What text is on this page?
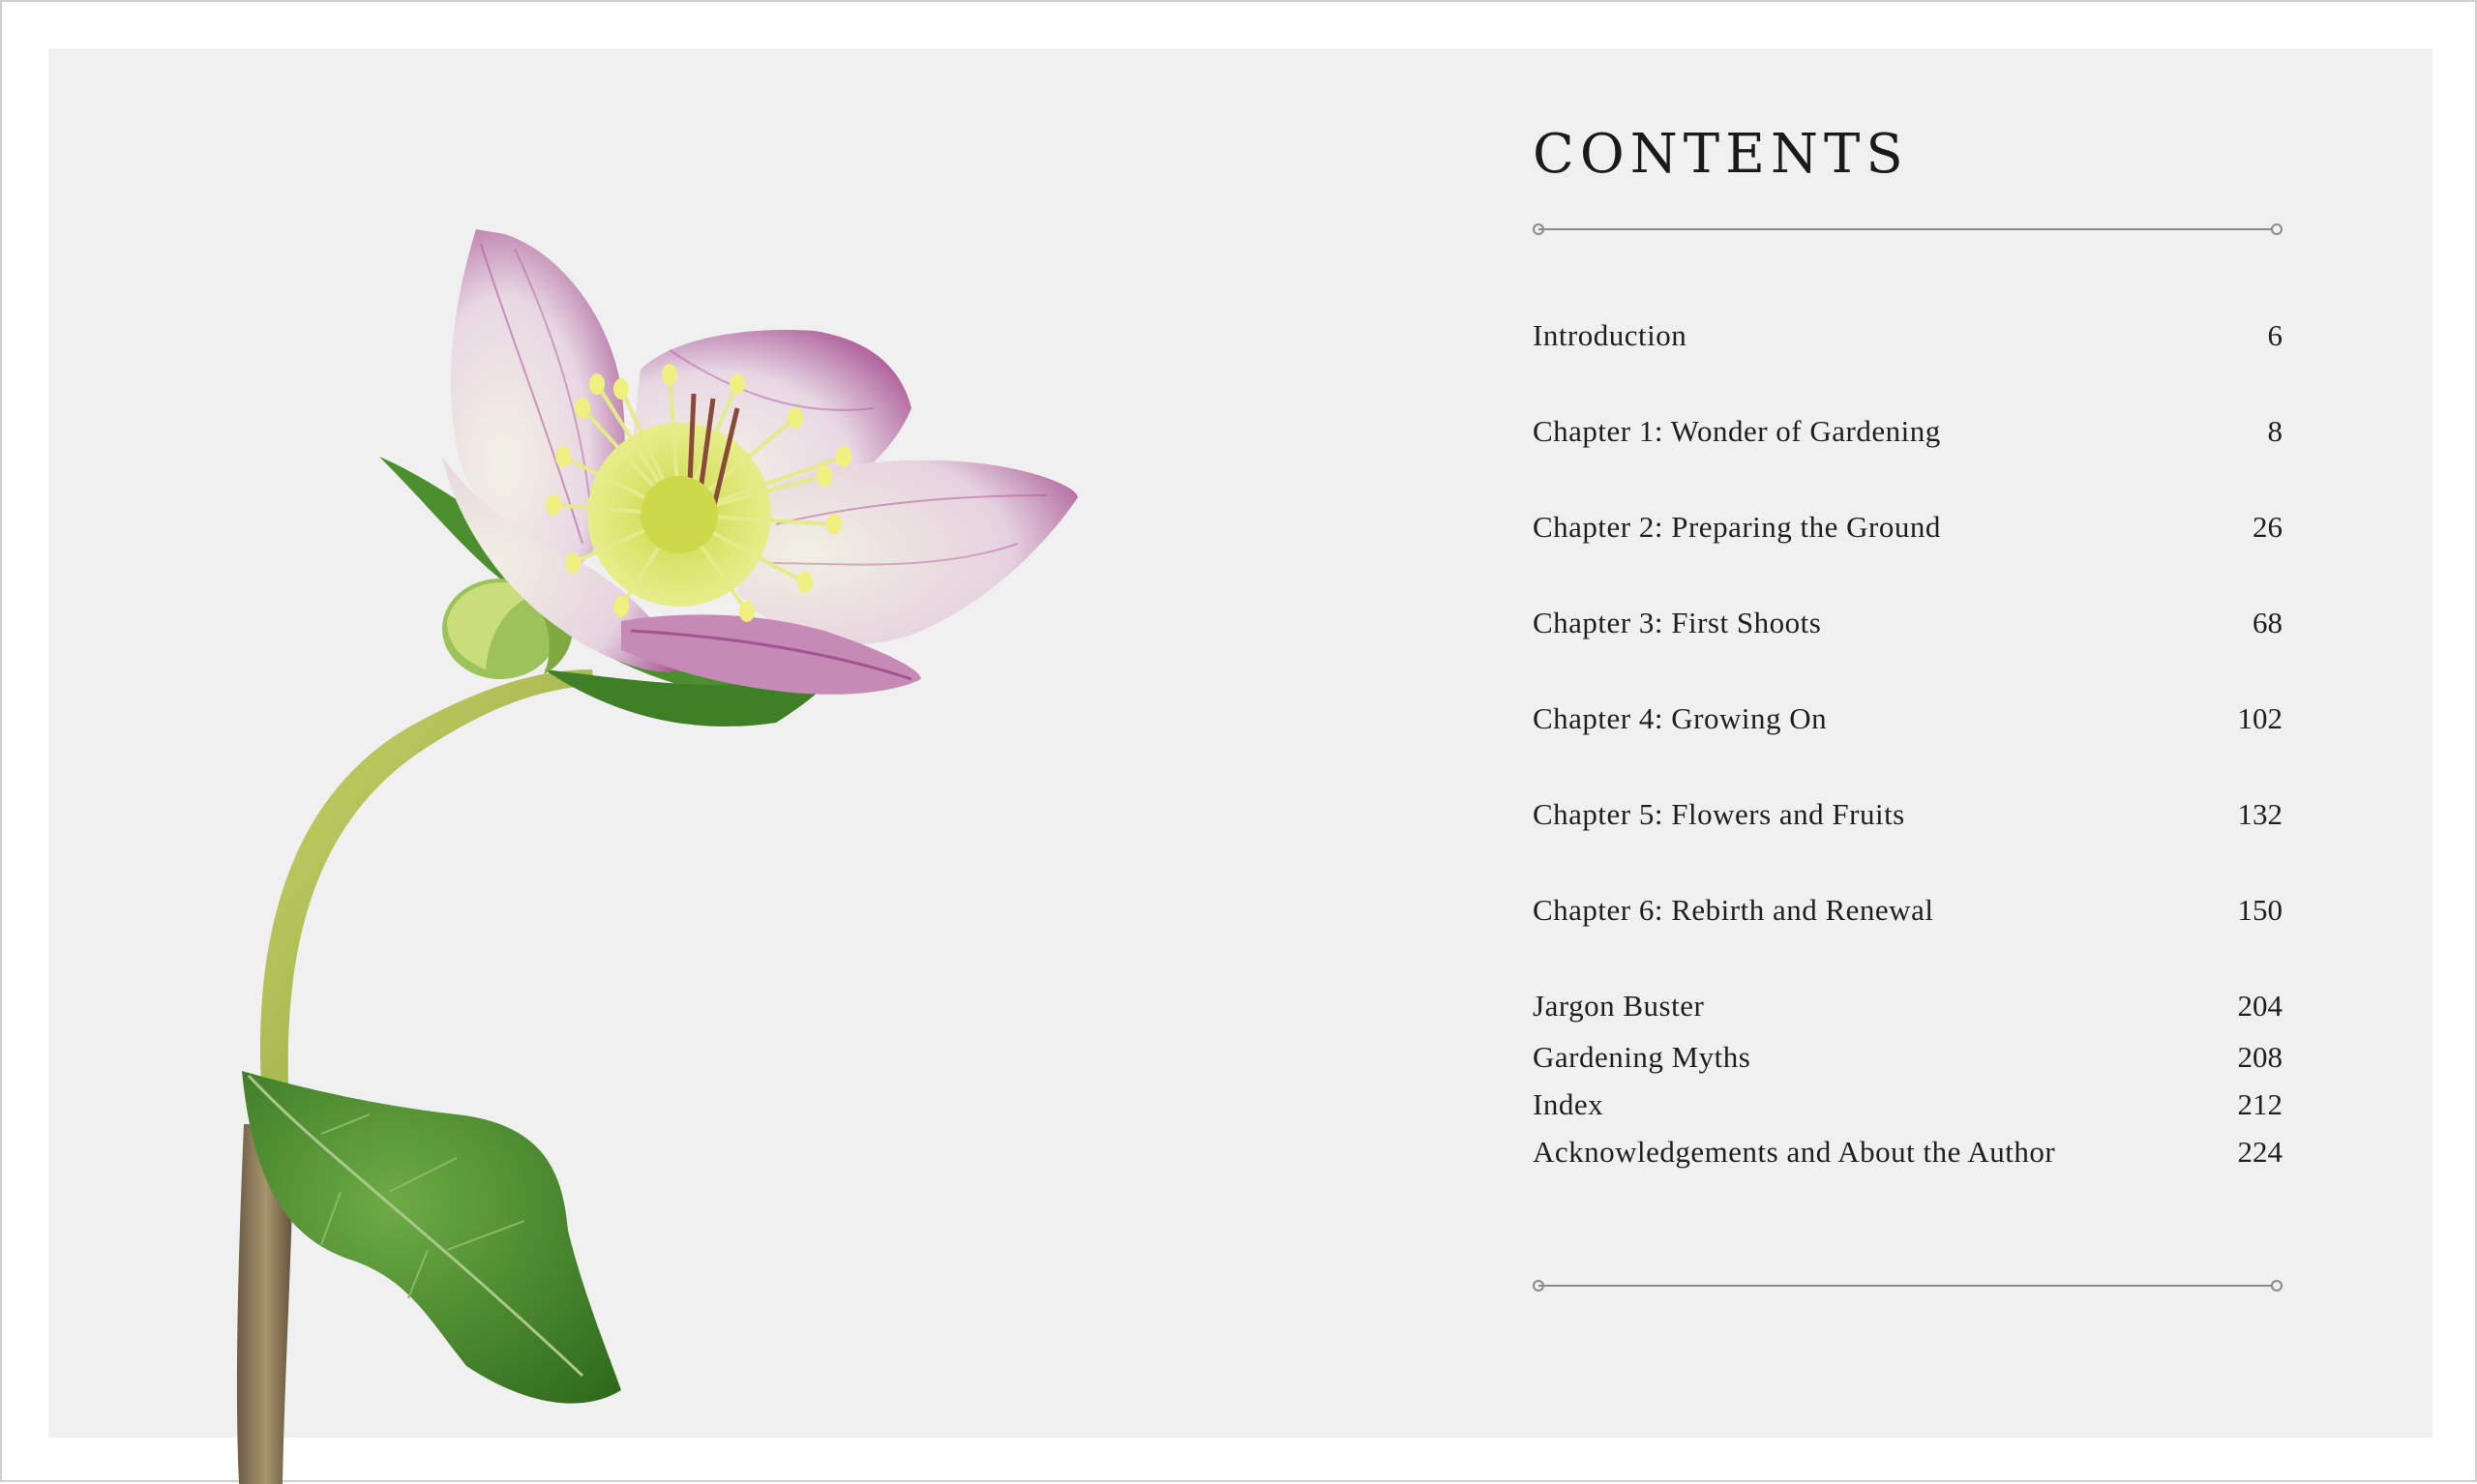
CONTENTS
Introduction	6
Chapter 1: Wonder of Gardening	8
Chapter 2: Preparing the Ground	26
Chapter 3: First Shoots	68
Chapter 4: Growing On	102
Chapter 5: Flowers and Fruits	132
Chapter 6: Rebirth and Renewal	150
Jargon Buster	204
Gardening Myths	208
Index	212
Acknowledgements and About the Author	224
